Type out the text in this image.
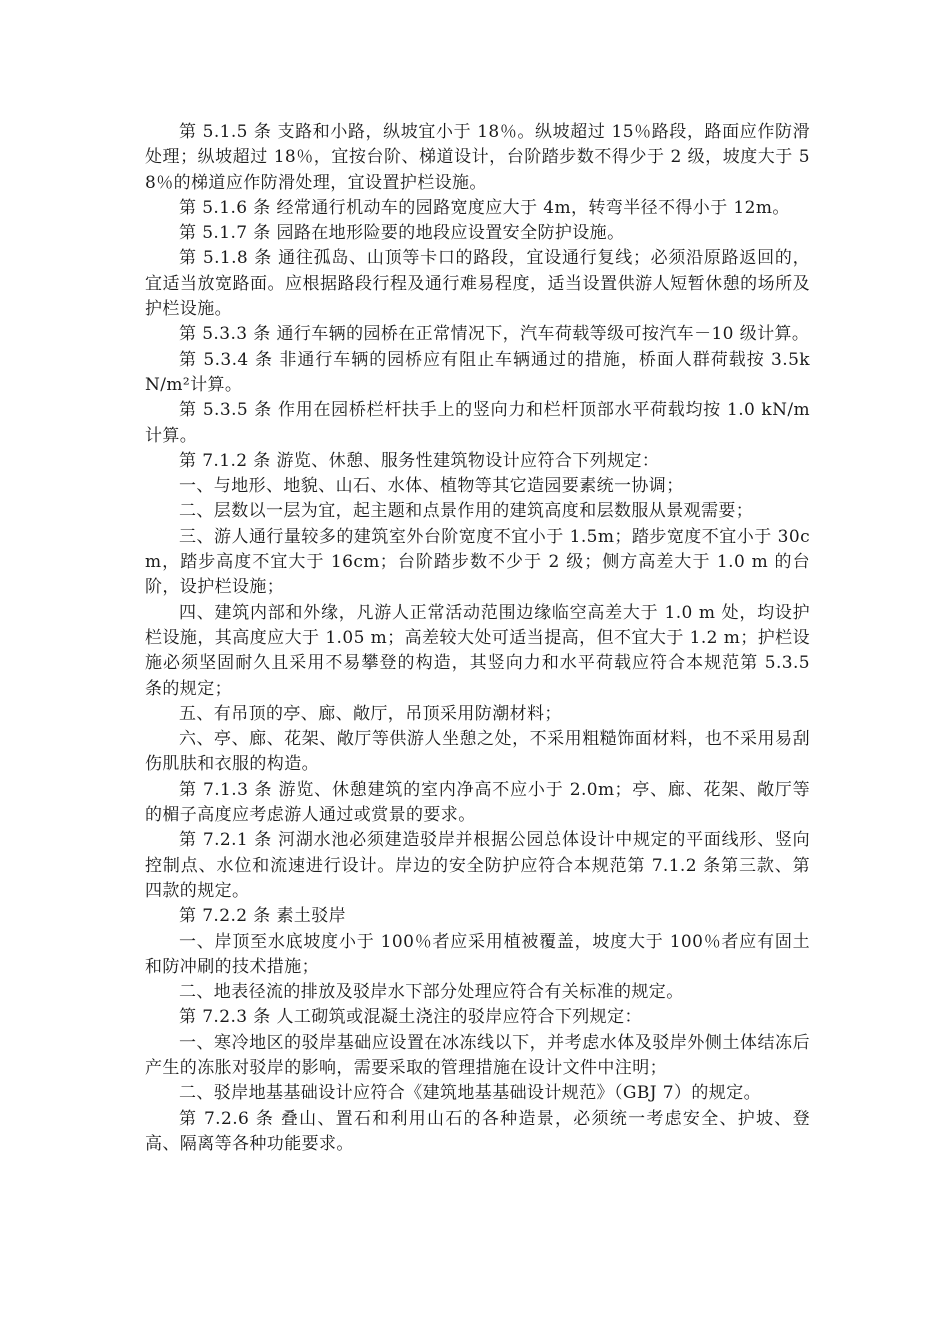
第 5.1.5 条 支路和小路，纵坡宜小于 18％。纵坡超过 15％路段，路面应作防滑处理；纵坡超过 18％，宜按台阶、梯道设计，台阶踏步数不得少于 2 级，坡度大于 58％的梯道应作防滑处理，宜设置护栏设施。

第 5.1.6 条 经常通行机动车的园路宽度应大于 4m，转弯半径不得小于 12m。

第 5.1.7 条 园路在地形险要的地段应设置安全防护设施。

第 5.1.8 条 通往孤岛、山顶等卡口的路段，宜设通行复线；必须沿原路返回的，宜适当放宽路面。应根据路段行程及通行难易程度，适当设置供游人短暂休憩的场所及护栏设施。

第 5.3.3 条 通行车辆的园桥在正常情况下，汽车荷载等级可按汽车－10 级计算。

第 5.3.4 条 非通行车辆的园桥应有阻止车辆通过的措施，桥面人群荷载按 3.5kN/m²计算。

第 5.3.5 条 作用在园桥栏杆扶手上的竖向力和栏杆顶部水平荷载均按 1.0 kN/m 计算。

第 7.1.2 条 游览、休憩、服务性建筑物设计应符合下列规定：

一、与地形、地貌、山石、水体、植物等其它造园要素统一协调；

二、层数以一层为宜，起主题和点景作用的建筑高度和层数服从景观需要；

三、游人通行量较多的建筑室外台阶宽度不宜小于 1.5m；踏步宽度不宜小于 30cm，踏步高度不宜大于 16cm；台阶踏步数不少于 2 级；侧方高差大于 1.0 m 的台阶，设护栏设施；

四、建筑内部和外缘，凡游人正常活动范围边缘临空高差大于 1.0 m 处，均设护栏设施，其高度应大于 1.05 m；高差较大处可适当提高，但不宜大于 1.2 m；护栏设施必须坚固耐久且采用不易攀登的构造，其竖向力和水平荷载应符合本规范第 5.3.5 条的规定；

五、有吊顶的亭、廊、敞厅，吊顶采用防潮材料；

六、亭、廊、花架、敞厅等供游人坐憩之处，不采用粗糙饰面材料，也不采用易刮伤肌肤和衣服的构造。

第 7.1.3 条 游览、休憩建筑的室内净高不应小于 2.0m；亭、廊、花架、敞厅等的楣子高度应考虑游人通过或赏景的要求。

第 7.2.1 条 河湖水池必须建造驳岸并根据公园总体设计中规定的平面线形、竖向控制点、水位和流速进行设计。岸边的安全防护应符合本规范第 7.1.2 条第三款、第四款的规定。

第 7.2.2 条 素土驳岸

一、岸顶至水底坡度小于 100％者应采用植被覆盖，坡度大于 100％者应有固土和防冲刷的技术措施；

二、地表径流的排放及驳岸水下部分处理应符合有关标准的规定。

第 7.2.3 条 人工砌筑或混凝土浇注的驳岸应符合下列规定：

一、寒冷地区的驳岸基础应设置在冰冻线以下，并考虑水体及驳岸外侧土体结冻后产生的冻胀对驳岸的影响，需要采取的管理措施在设计文件中注明；

二、驳岸地基基础设计应符合《建筑地基基础设计规范》（GBJ 7）的规定。

第 7.2.6 条 叠山、置石和利用山石的各种造景，必须统一考虑安全、护坡、登高、隔离等各种功能要求。
